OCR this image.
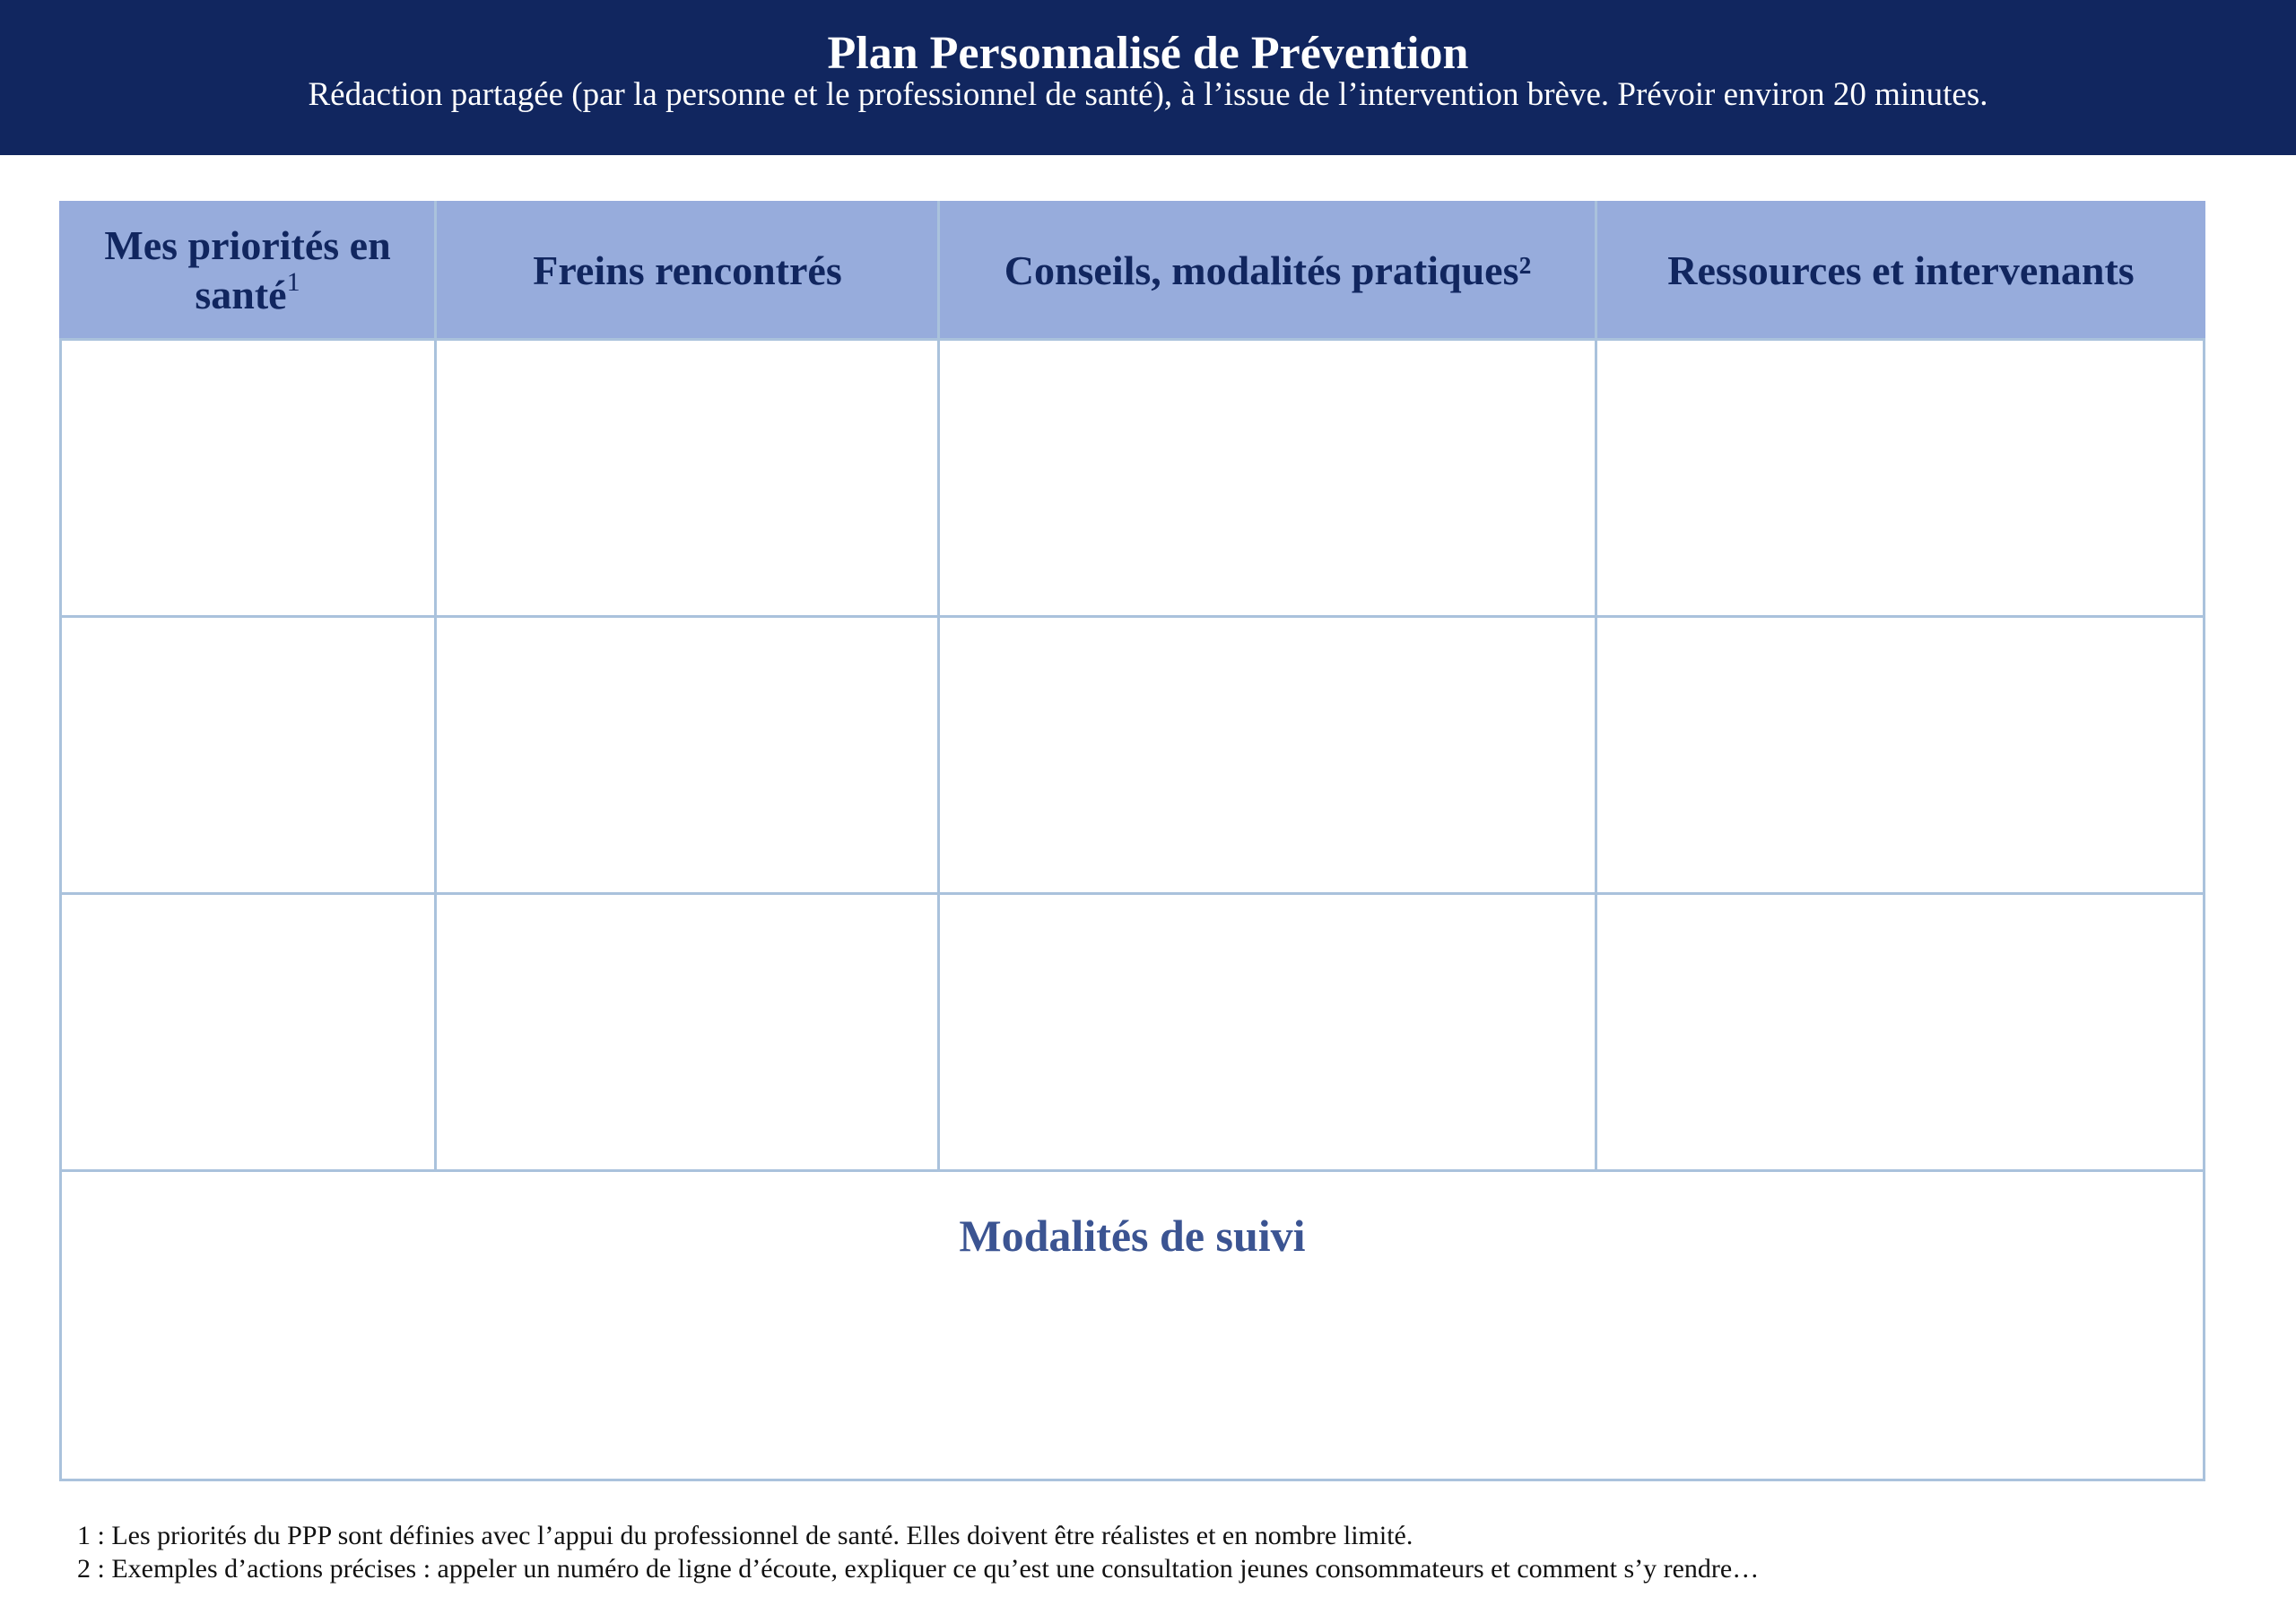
Plan Personnalisé de Prévention
Rédaction partagée (par la personne et le professionnel de santé), à l’issue de l’intervention brève. Prévoir environ 20 minutes.
Mes priorités en santé$^1$	Freins rencontrés	Conseils, modalités pratiques²	Ressources et intervenants
Modalités de suivi
1 : Les priorités du PPP sont définies avec l’appui du professionnel de santé. Elles doivent être réalistes et en nombre limité.
2 : Exemples d’actions précises : appeler un numéro de ligne d’écoute, expliquer ce qu’est une consultation jeunes consommateurs et comment s’y rendre…
